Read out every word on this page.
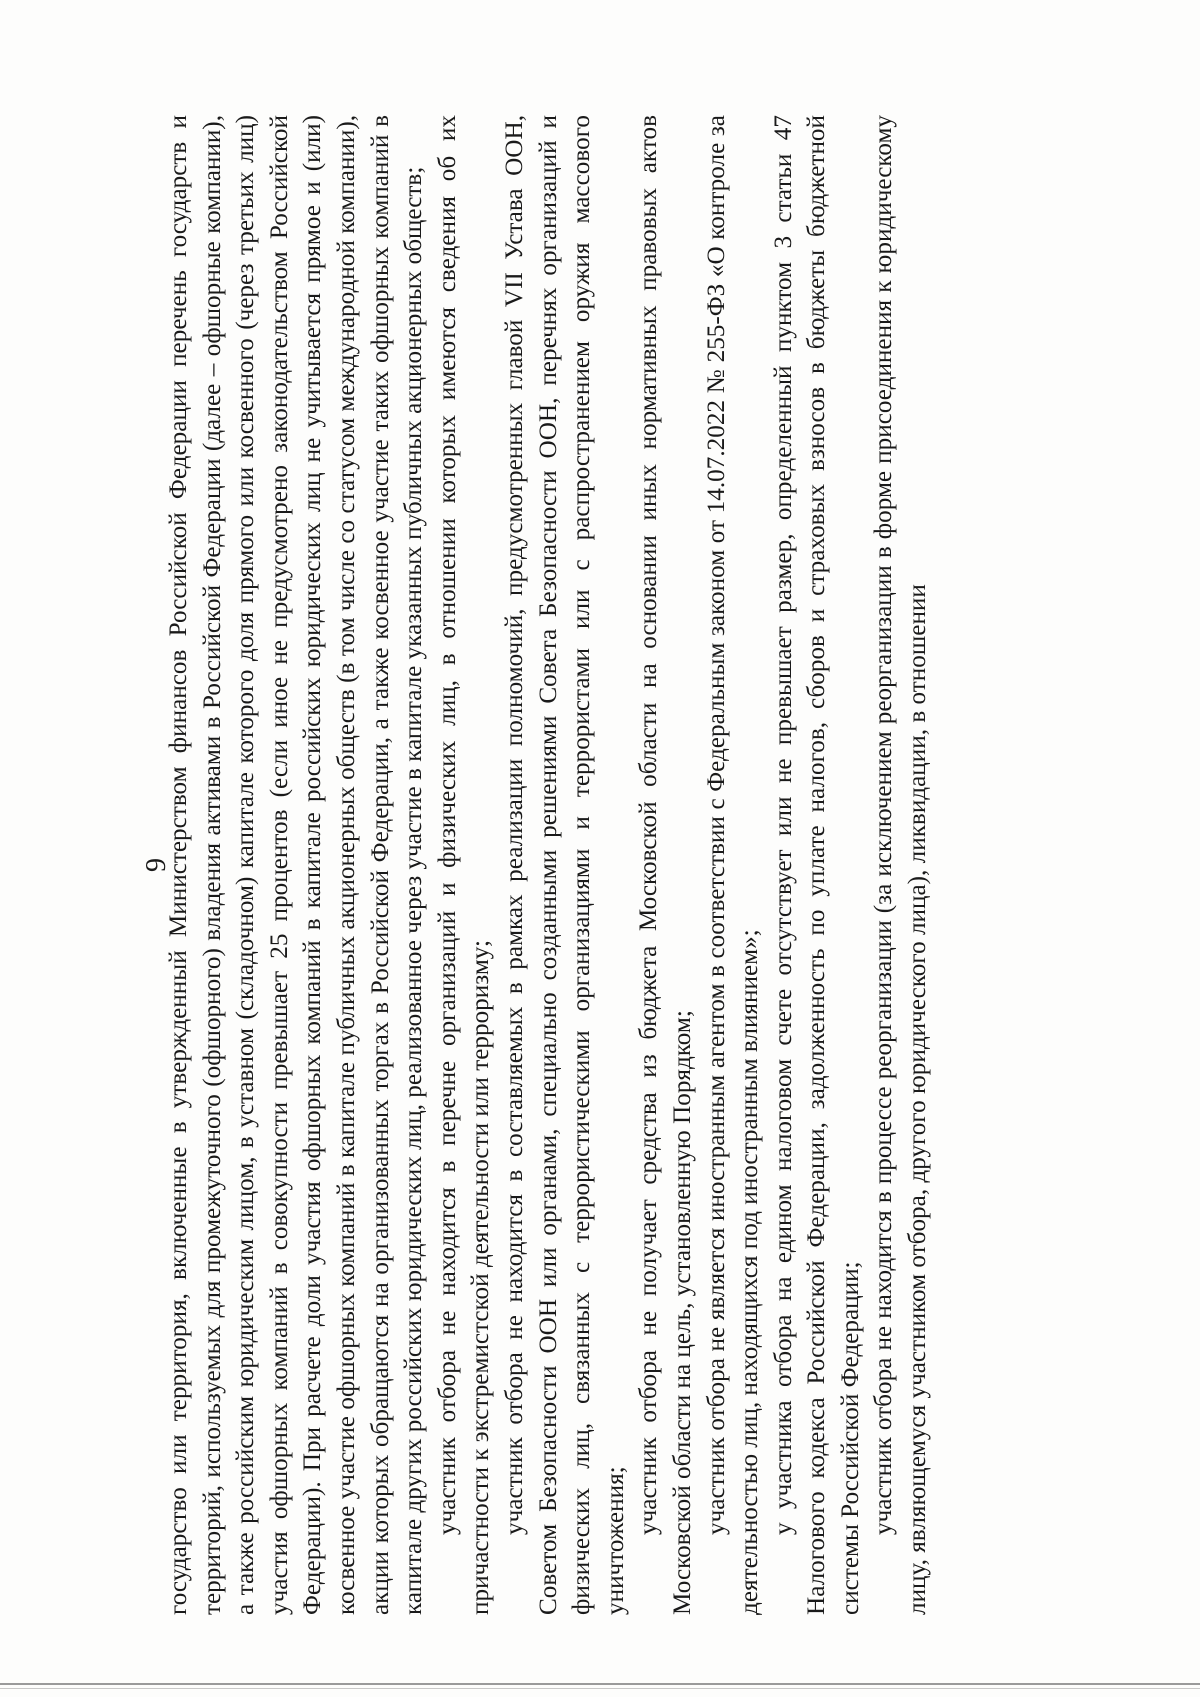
9

государство или территория, включенные в утвержденный Министерством финансов Российской Федерации перечень государств и территорий, используемых для промежуточного (офшорного) владения активами в Российской Федерации (далее – офшорные компании), а также российским юридическим лицом, в уставном (складочном) капитале которого доля прямого или косвенного (через третьих лиц) участия офшорных компаний в совокупности превышает 25 процентов (если иное не предусмотрено законодательством Российской Федерации). При расчете доли участия офшорных компаний в капитале российских юридических лиц не учитывается прямое и (или) косвенное участие офшорных компаний в капитале публичных акционерных обществ (в том числе со статусом международной компании), акции которых обращаются на организованных торгах в Российской Федерации, а также косвенное участие таких офшорных компаний в капитале других российских юридических лиц, реализованное через участие в капитале указанных публичных акционерных обществ; участник отбора не находится в перечне организаций и физических лиц, в отношении которых имеются сведения об их причастности к экстремистской деятельности или терроризму; участник отбора не находится в составляемых в рамках реализации полномочий, предусмотренных главой VII Устава ООН, Советом Безопасности ООН или органами, специально созданными решениями Совета Безопасности ООН, перечнях организаций и физических лиц, связанных с террористическими организациями и террористами или с распространением оружия массового уничтожения;

участник отбора не получает средства из бюджета Московской области на основании иных нормативных правовых актов Московской области на цель, установленную Порядком; участник отбора не является иностранным агентом в соответствии с Федеральным законом от 14.07.2022 № 255-ФЗ «О контроле за деятельностью лиц, находящихся под иностранным влиянием»; у участника отбора на едином налоговом счете отсутствует или не превышает размер, определенный пунктом 3 статьи 47 Налогового кодекса Российской Федерации, задолженность по уплате налогов, сборов и страховых взносов в бюджеты бюджетной системы Российской Федерации; участник отбора не находится в процессе реорганизации (за исключением реорганизации в форме присоединения к юридическому лицу, являющемуся участником отбора, другого юридического лица), ликвидации, в отношении
